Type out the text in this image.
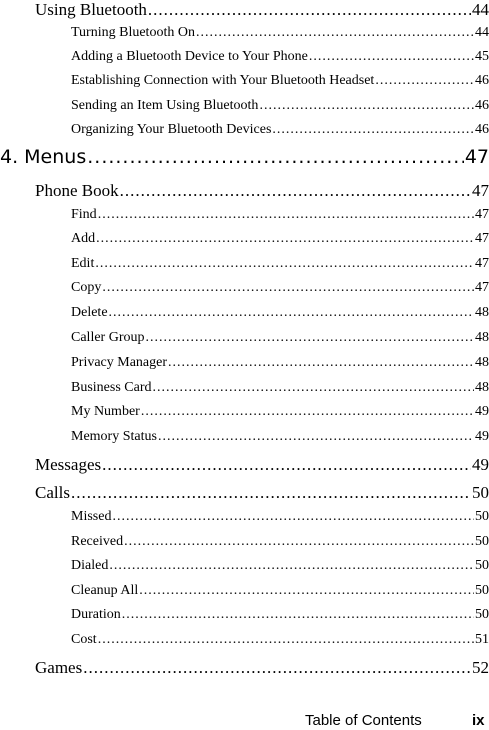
Using Bluetooth .....	44
Turning Bluetooth On .....	44
Adding a Bluetooth Device to Your Phone .....	45
Establishing Connection with Your Bluetooth Headset .....	46
Sending an Item Using Bluetooth .....	46
Organizing Your Bluetooth Devices .....	46
4. Menus .....	47
Phone Book .....	47
Find .....	47
Add .....	47
Edit .....	47
Copy .....	47
Delete .....	48
Caller Group .....	48
Privacy Manager .....	48
Business Card .....	48
My Number .....	49
Memory Status .....	49
Messages .....	49
Calls .....	50
Missed .....	50
Received .....	50
Dialed .....	50
Cleanup All .....	50
Duration .....	50
Cost .....	51
Games .....	52
Table of Contents	ix
